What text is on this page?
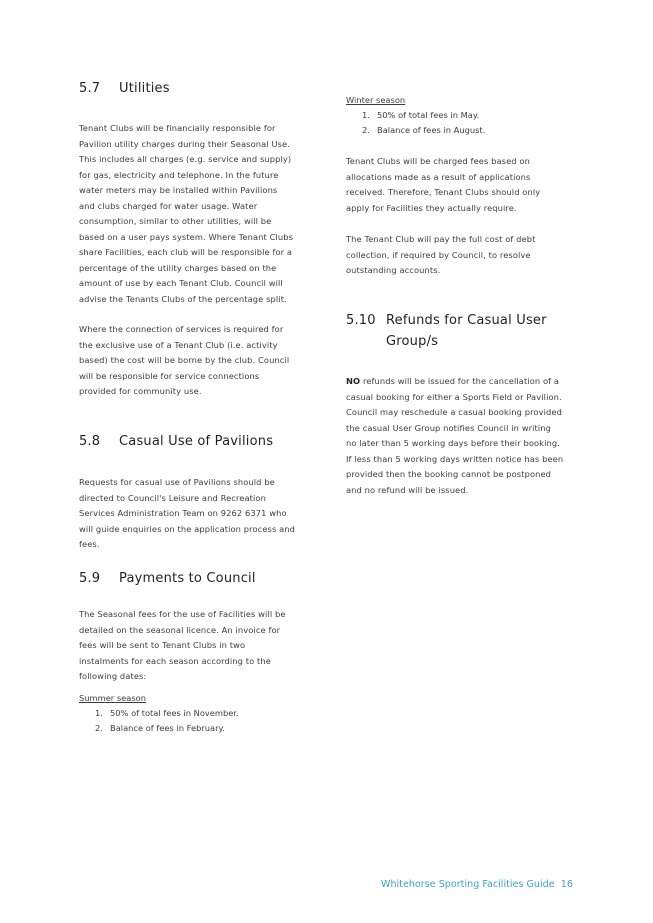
5.7 Utilities
Tenant Clubs will be financially responsible for
Pavilion utility charges during their Seasonal Use.
This includes all charges (e.g. service and supply)
for gas, electricity and telephone. In the future
water meters may be installed within Pavilions
and clubs charged for water usage. Water
consumption, similar to other utilities, will be
based on a user pays system. Where Tenant Clubs
share Facilities, each club will be responsible for a
percentage of the utility charges based on the
amount of use by each Tenant Club. Council will
advise the Tenants Clubs of the percentage split.
Where the connection of services is required for
the exclusive use of a Tenant Club (i.e. activity
based) the cost will be borne by the club. Council
will be responsible for service connections
provided for community use.
5.8 Casual Use of Pavilions
Requests for casual use of Pavilions should be
directed to Council's Leisure and Recreation
Services Administration Team on 9262 6371 who
will guide enquiries on the application process and
fees.
5.9 Payments to Council
The Seasonal fees for the use of Facilities will be
detailed on the seasonal licence. An invoice for
fees will be sent to Tenant Clubs in two
instalments for each season according to the
following dates:
Summer season
1. 50% of total fees in November.
2. Balance of fees in February.
Winter season
1. 50% of total fees in May.
2. Balance of fees in August.
Tenant Clubs will be charged fees based on
allocations made as a result of applications
received. Therefore, Tenant Clubs should only
apply for Facilities they actually require.
The Tenant Club will pay the full cost of debt
collection, if required by Council, to resolve
outstanding accounts.
5.10 Refunds for Casual User
Group/s
NO refunds will be issued for the cancellation of a
casual booking for either a Sports Field or Pavilion.
Council may reschedule a casual booking provided
the casual User Group notifies Council in writing
no later than 5 working days before their booking.
If less than 5 working days written notice has been
provided then the booking cannot be postponed
and no refund will be issued.
Whitehorse Sporting Facilities Guide 16
